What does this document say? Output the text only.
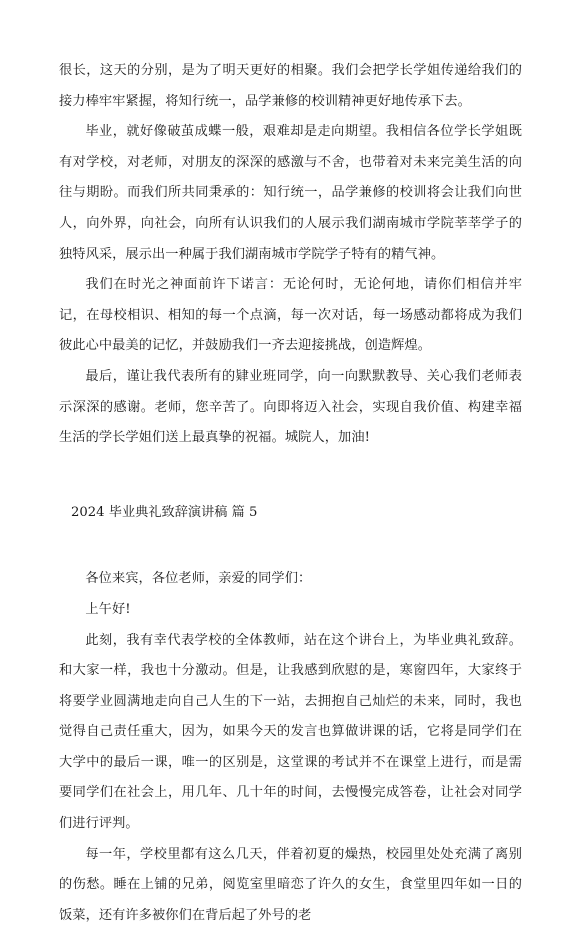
很长，这天的分别，是为了明天更好的相聚。我们会把学长学姐传递给我们的接力棒牢牢紧握，将知行统一，品学兼修的校训精神更好地传承下去。

毕业，就好像破茧成蝶一般，艰难却是走向期望。我相信各位学长学姐既有对学校，对老师，对朋友的深深的感激与不舍，也带着对未来完美生活的向往与期盼。而我们所共同秉承的：知行统一，品学兼修的校训将会让我们向世人，向外界，向社会，向所有认识我们的人展示我们湖南城市学院莘莘学子的独特风采，展示出一种属于我们湖南城市学院学子特有的精气神。

我们在时光之神面前许下诺言：无论何时，无论何地，请你们相信并牢记，在母校相识、相知的每一个点滴，每一次对话，每一场感动都将成为我们彼此心中最美的记忆，并鼓励我们一齐去迎接挑战，创造辉煌。

最后，谨让我代表所有的肄业班同学，向一向默默教导、关心我们老师表示深深的感谢。老师，您辛苦了。向即将迈入社会，实现自我价值、构建幸福生活的学长学姐们送上最真挚的祝福。城院人，加油!

2024 毕业典礼致辞演讲稿 篇 5

各位来宾，各位老师，亲爱的同学们：

上午好!

此刻，我有幸代表学校的全体教师，站在这个讲台上，为毕业典礼致辞。和大家一样，我也十分激动。但是，让我感到欣慰的是，寒窗四年，大家终于将要学业圆满地走向自己人生的下一站，去拥抱自己灿烂的未来，同时，我也觉得自己责任重大，因为，如果今天的发言也算做讲课的话，它将是同学们在大学中的最后一课，唯一的区别是，这堂课的考试并不在课堂上进行，而是需要同学们在社会上，用几年、几十年的时间，去慢慢完成答卷，让社会对同学们进行评判。

每一年，学校里都有这么几天，伴着初夏的燥热，校园里处处充满了离别的伤愁。睡在上铺的兄弟，阅览室里暗恋了许久的女生，食堂里四年如一日的饭菜，还有许多被你们在背后起了外号的老
